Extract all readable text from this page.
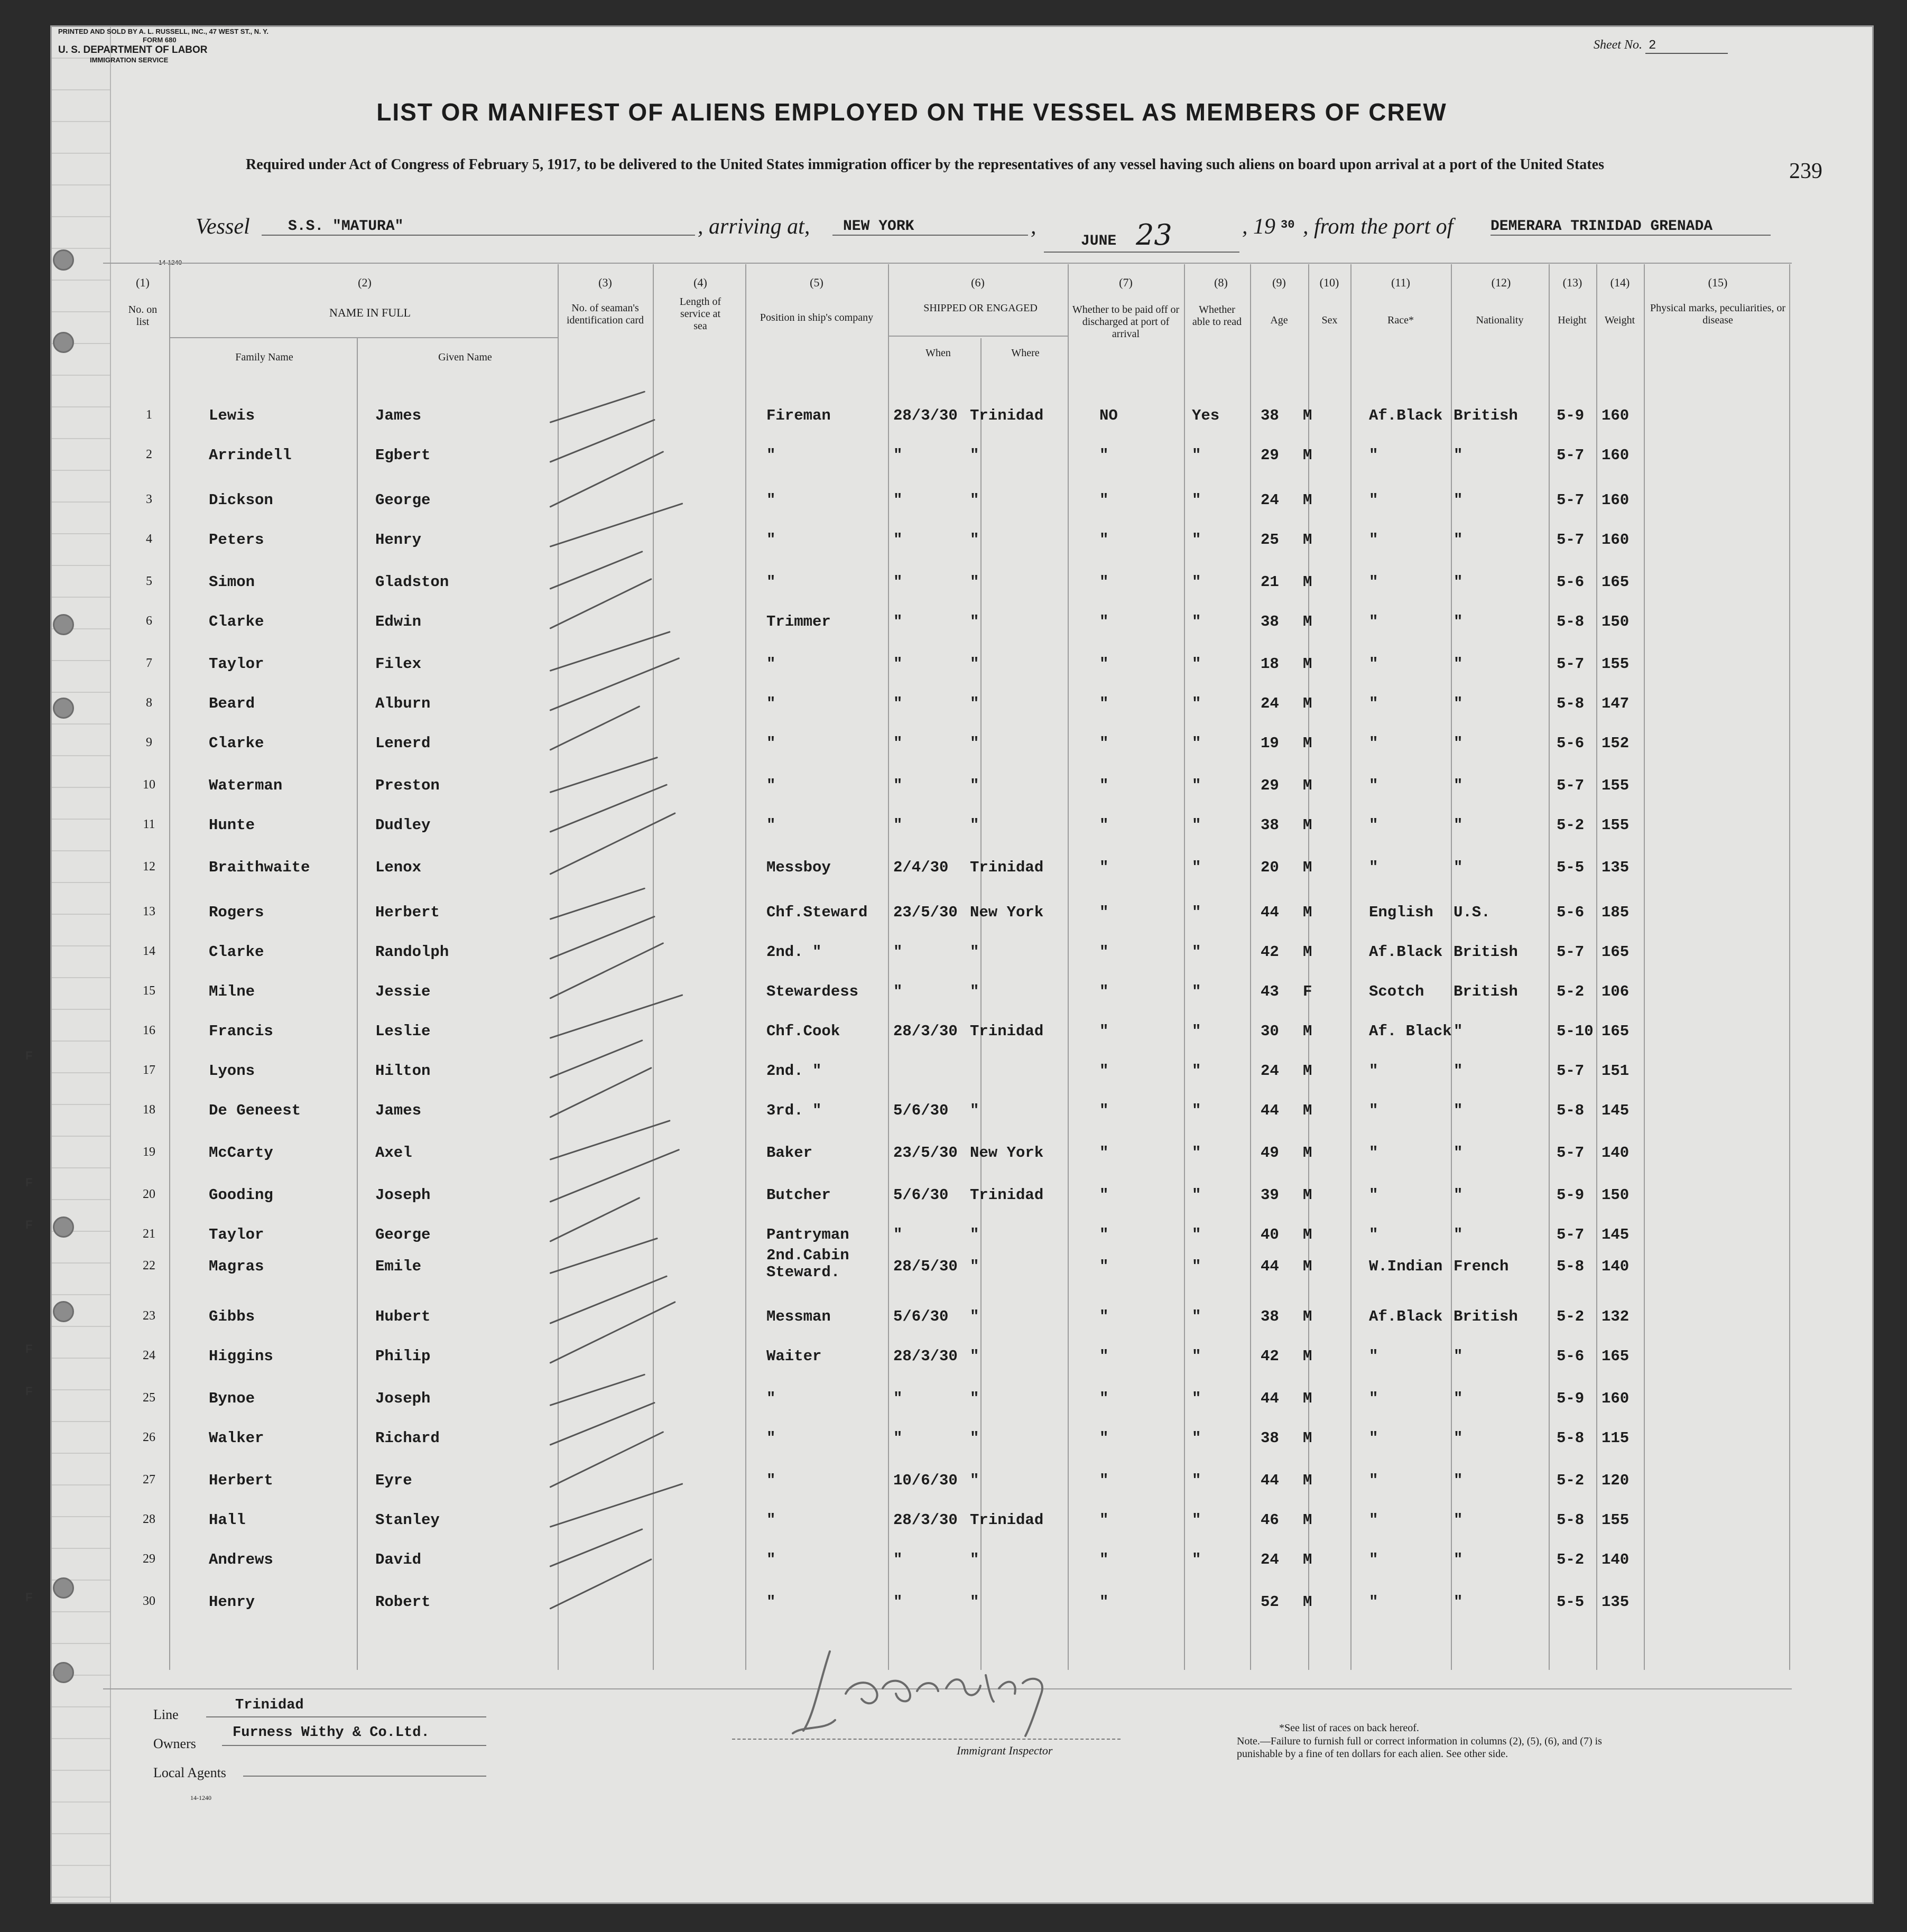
F
F
F
F
F
F
PRINTED AND SOLD BY A. L. RUSSELL, INC., 47 WEST ST., N. Y.
FORM 680
U. S. DEPARTMENT OF LABOR
IMMIGRATION SERVICE
Sheet No. 2
LIST OR MANIFEST OF ALIENS EMPLOYED ON THE VESSEL AS MEMBERS OF CREW
Required under Act of Congress of February 5, 1917, to be delivered to the United States immigration officer by the representatives of any vessel having such aliens on board upon arrival at a port of the United States	239
Vessel	S.S. "MATURA"	, arriving at,	NEW YORK	,
JUNE 23	, 19 30 , from the port of	DEMERARA TRINIDAD GRENADA
14-1240
(1)	(2)	(3)	(4)	(5)	(6)	(7)	(8)	(9)	(10)	(11)	(12)	(13)	(14)	(15)
No. on list
NAME IN FULL
Family Name	Given Name
No. of seaman's identification card
Length of service at sea
Position in ship's company
SHIPPED OR ENGAGED
When	Where
Whether to be paid off or discharged at port of arrival
Whether able to read	Age	Sex	Race*	Nationality	Height	Weight
Physical marks, peculiarities, or disease
1	Lewis	James	Fireman	28/3/30 Trinidad	NO	Yes	38 M	Af.Black British	5-9 160
2	Arrindell	Egbert	"	"	"	"	"	29 M	"	"	5-7 160
3	Dickson	George	"	"	"	"	"	24 M	"	"	5-7 160
4	Peters	Henry	"	"	"	"	"	25 M	"	"	5-7 160
5	Simon	Gladston	"	"	"	"	"	21 M	"	"	5-6 165
6	Clarke	Edwin	Trimmer	"	"	"	"	38 M	"	"	5-8 150
7	Taylor	Filex	"	"	"	"	"	18 M	"	"	5-7 155
8	Beard	Alburn	"	"	"	"	"	24 M	"	"	5-8 147
9	Clarke	Lenerd	"	"	"	"	"	19 M	"	"	5-6 152
10	Waterman	Preston	"	"	"	"	"	29 M	"	"	5-7 155
11	Hunte	Dudley	"	"	"	"	"	38 M	"	"	5-2 155
12	Braithwaite	Lenox	Messboy	2/4/30 Trinidad	"	"	20 M	"	"	5-5 135
13	Rogers	Herbert	Chf.Steward 23/5/30 New York	"	"	44 M	English U.S.	5-6 185
14	Clarke	Randolph	2nd. "	"	"	"	"	42 M	Af.Black British	5-7 165
15	Milne	Jessie	Stewardess "	"	"	"	43 F	Scotch British	5-2 106
16	Francis	Leslie	Chf.Cook	28/3/30 Trinidad	"	"	30 M	Af. Black "	5-10 165
17	Lyons	Hilton	2nd. "	"	"	24 M	"	"	5-7 151
18	De Geneest	James	3rd. "	5/6/30 "	"	"	44 M	"	"	5-8 145
19	McCarty	Axel	Baker	23/5/30 New York	"	"	49 M	"	"	5-7 140
20	Gooding	Joseph	Butcher	5/6/30 Trinidad	"	"	39 M	"	"	5-9 150
21	Taylor	George	Pantryman	"	"	"	"	40 M	"	"	5-7 145
22	Magras	Emile
2nd.Cabin Steward.	28/5/30 "	"	"	44 M	W.Indian French	5-8 140
23	Gibbs	Hubert	Messman	5/6/30 "	"	"	38 M	Af.Black British	5-2 132
24	Higgins	Philip	Waiter	28/3/30 "	"	"	42 M	"	"	5-6 165
25	Bynoe	Joseph	"	"	"	"	"	44 M	"	"	5-9 160
26	Walker	Richard	"	"	"	"	"	38 M	"	"	5-8 115
27	Herbert	Eyre	"	10/6/30 "	"	"	44 M	"	"	5-2 120
28	Hall	Stanley	"	28/3/30 Trinidad	"	"	46 M	"	"	5-8 155
29	Andrews	David	"	"	"	"	"	24 M	"	"	5-2 140
30	Henry	Robert	"	"	"	"	52 M	"	"	5-5 135
Line
Trinidad
Owners
Furness Withy & Co.Ltd.
Local Agents
14-1240
Immigrant Inspector
*See list of races on back hereof.
Note.—Failure to furnish full or correct information in columns (2), (5), (6), and (7) is punishable by a fine of ten dollars for each alien. See other side.
